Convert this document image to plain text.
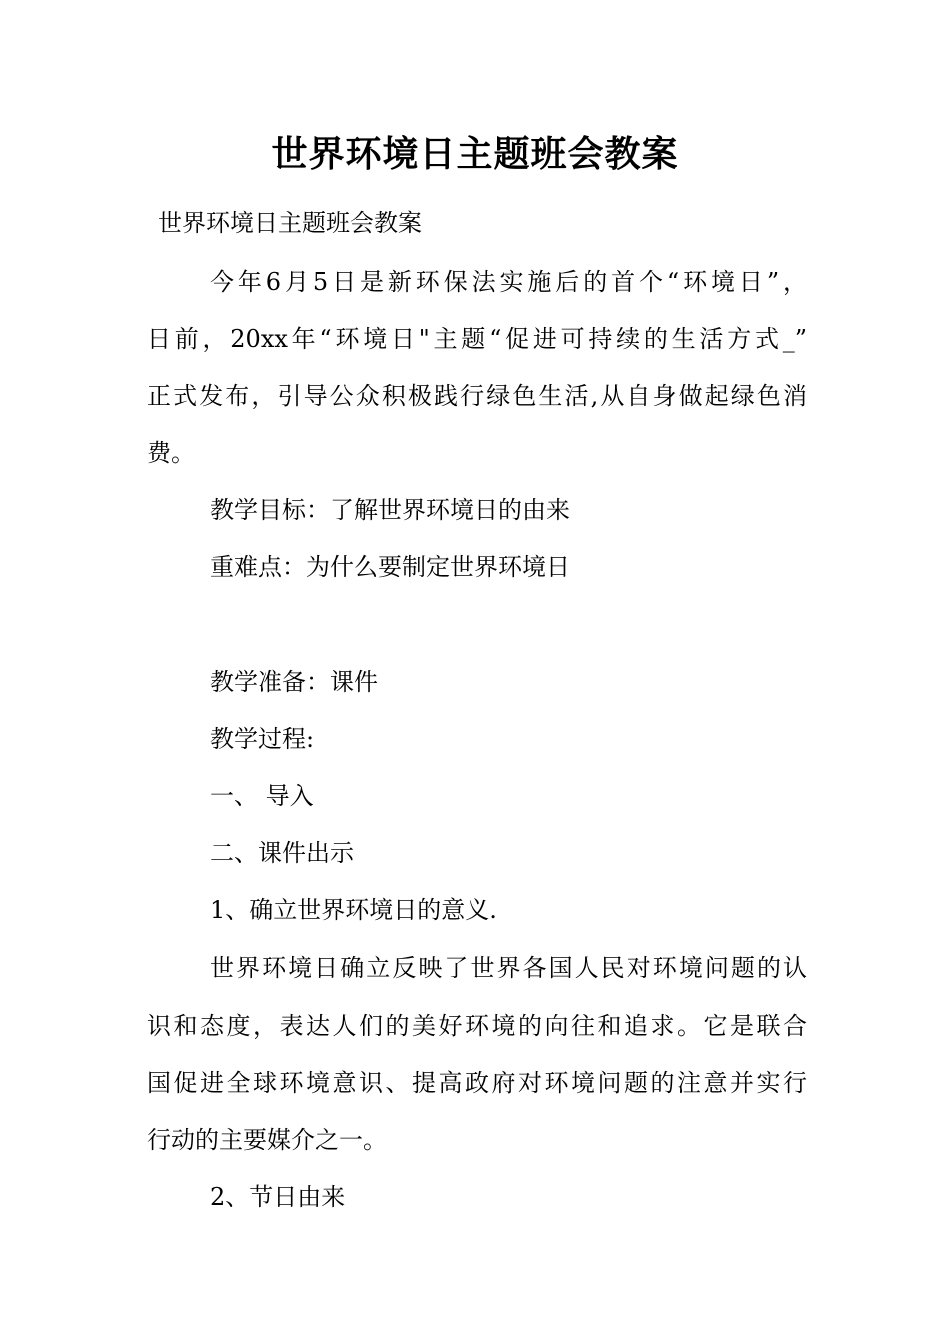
世界环境日主题班会教案
世界环境日主题班会教案
今年6月5日是新环保法实施后的首个“环境日”，
日前，20xx年“环境日"主题“促进可持续的生活方式_”
正式发布，引导公众积极践行绿色生活,从自身做起绿色消
费。
教学目标：了解世界环境日的由来
重难点：为什么要制定世界环境日
教学准备：课件
教学过程:
一、 导入
二、课件出示
1、确立世界环境日的意义.
世界环境日确立反映了世界各国人民对环境问题的认
识和态度，表达人们的美好环境的向往和追求。它是联合
国促进全球环境意识、提高政府对环境问题的注意并实行
行动的主要媒介之一。
2、节日由来
